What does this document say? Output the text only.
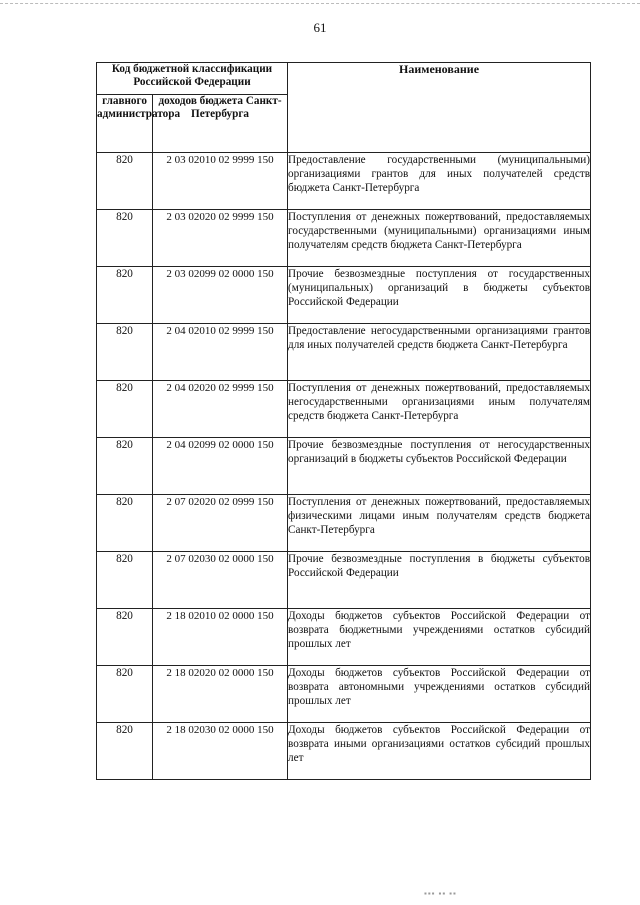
61
Код бюджетной классификации Российской Федерации		Наименование
главного администратора	доходов бюджета Санкт-Петербурга	
820	2 03 02010 02 9999 150	Предоставление государственными (муниципальными) организациями грантов для иных получателей средств бюджета Санкт-Петербурга
820	2 03 02020 02 9999 150	Поступления от денежных пожертвований, предоставляемых государственными (муниципальными) организациями иным получателям средств бюджета Санкт-Петербурга
820	2 03 02099 02 0000 150	Прочие безвозмездные поступления от государственных (муниципальных) организаций в бюджеты субъектов Российской Федерации
820	2 04 02010 02 9999 150	Предоставление негосударственными организациями грантов для иных получателей средств бюджета Санкт-Петербурга
820	2 04 02020 02 9999 150	Поступления от денежных пожертвований, предоставляемых негосударственными организациями иным получателям средств бюджета Санкт-Петербурга
820	2 04 02099 02 0000 150	Прочие безвозмездные поступления от негосударственных организаций в бюджеты субъектов Российской Федерации
820	2 07 02020 02 0999 150	Поступления от денежных пожертвований, предоставляемых физическими лицами иным получателям средств бюджета Санкт-Петербурга
820	2 07 02030 02 0000 150	Прочие безвозмездные поступления в бюджеты субъектов Российской Федерации
820	2 18 02010 02 0000 150	Доходы бюджетов субъектов Российской Федерации от возврата бюджетными учреждениями остатков субсидий прошлых лет
820	2 18 02020 02 0000 150	Доходы бюджетов субъектов Российской Федерации от возврата автономными учреждениями остатков субсидий прошлых лет
820	2 18 02030 02 0000 150	Доходы бюджетов субъектов Российской Федерации от возврата иными организациями остатков субсидий прошлых лет
▪▪▪ ▪▪ ▪▪
